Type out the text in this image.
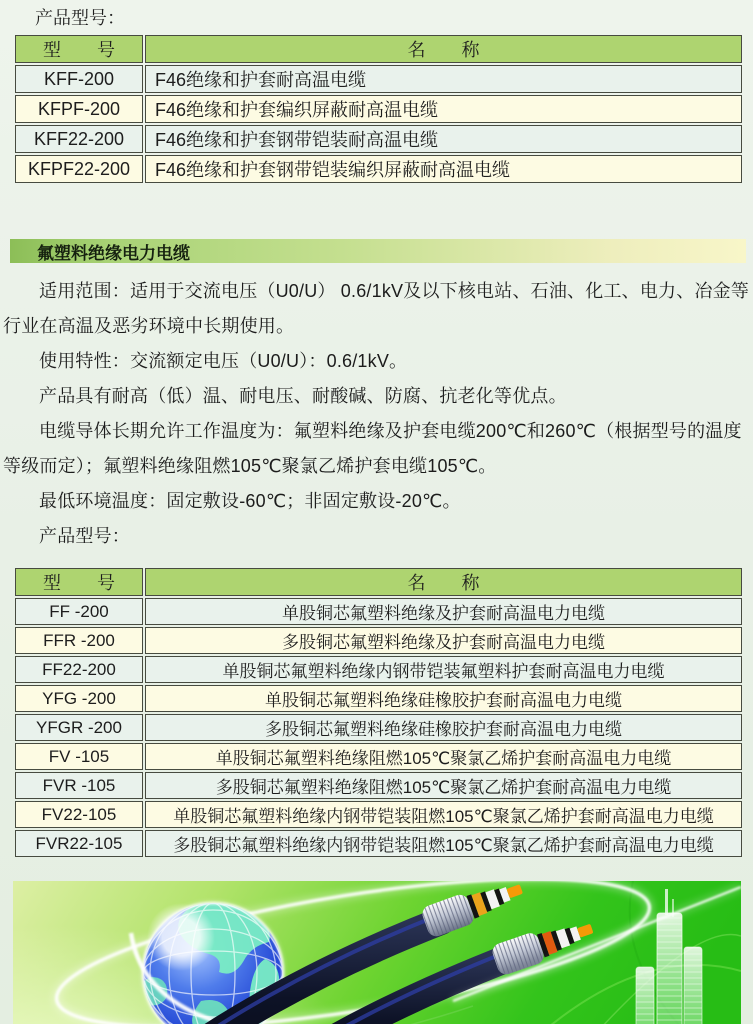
产品型号：
型　　号	名　　称
KFF-200	F46绝缘和护套耐高温电缆
KFPF-200	F46绝缘和护套编织屏蔽耐高温电缆
KFF22-200	F46绝缘和护套钢带铠装耐高温电缆
KFPF22-200	F46绝缘和护套钢带铠装编织屏蔽耐高温电缆
氟塑料绝缘电力电缆

适用范围：适用于交流电压（U0/U） 0.6/1kV及以下核电站、石油、化工、电力、冶金等行业在高温及恶劣环境中长期使用。

使用特性：交流额定电压（U0/U）：0.6/1kV。

产品具有耐高（低）温、耐电压、耐酸碱、防腐、抗老化等优点。

电缆导体长期允许工作温度为：氟塑料绝缘及护套电缆200℃和260℃（根据型号的温度等级而定）；氟塑料绝缘阻燃105℃聚氯乙烯护套电缆105℃。

最低环境温度：固定敷设-60℃；非固定敷设-20℃。

产品型号：

型　　号	名　　称
FF -200	单股铜芯氟塑料绝缘及护套耐高温电力电缆
FFR -200	多股铜芯氟塑料绝缘及护套耐高温电力电缆
FF22-200	单股铜芯氟塑料绝缘内钢带铠装氟塑料护套耐高温电力电缆
YFG -200	单股铜芯氟塑料绝缘硅橡胶护套耐高温电力电缆
YFGR -200	多股铜芯氟塑料绝缘硅橡胶护套耐高温电力电缆
FV -105	单股铜芯氟塑料绝缘阻燃105℃聚氯乙烯护套耐高温电力电缆
FVR -105	多股铜芯氟塑料绝缘阻燃105℃聚氯乙烯护套耐高温电力电缆
FV22-105	单股铜芯氟塑料绝缘内钢带铠装阻燃105℃聚氯乙烯护套耐高温电力电缆
FVR22-105	多股铜芯氟塑料绝缘内钢带铠装阻燃105℃聚氯乙烯护套耐高温电力电缆
